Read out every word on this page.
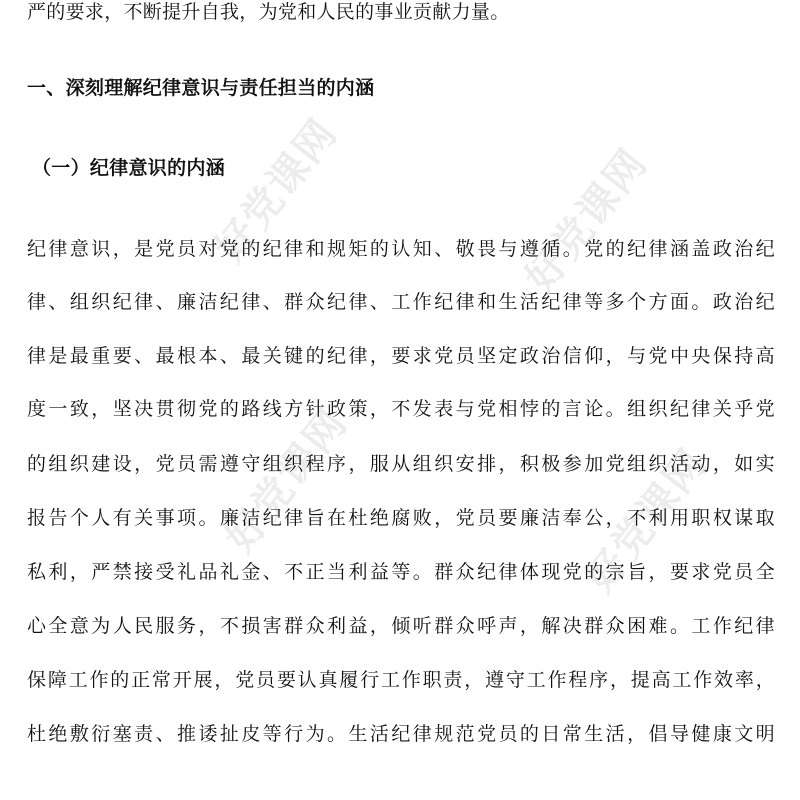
好党课网	好党课网
好党课网	好党课网
严的要求，不断提升自我，为党和人民的事业贡献力量。
一、深刻理解纪律意识与责任担当的内涵
（一）纪律意识的内涵
纪律意识，是党员对党的纪律和规矩的认知、敬畏与遵循。党的纪律涵盖政治纪
律、组织纪律、廉洁纪律、群众纪律、工作纪律和生活纪律等多个方面。政治纪
律是最重要、最根本、最关键的纪律，要求党员坚定政治信仰，与党中央保持高
度一致，坚决贯彻党的路线方针政策，不发表与党相悖的言论。组织纪律关乎党
的组织建设，党员需遵守组织程序，服从组织安排，积极参加党组织活动，如实
报告个人有关事项。廉洁纪律旨在杜绝腐败，党员要廉洁奉公，不利用职权谋取
私利，严禁接受礼品礼金、不正当利益等。群众纪律体现党的宗旨，要求党员全
心全意为人民服务，不损害群众利益，倾听群众呼声，解决群众困难。工作纪律
保障工作的正常开展，党员要认真履行工作职责，遵守工作程序，提高工作效率，
杜绝敷衍塞责、推诿扯皮等行为。生活纪律规范党员的日常生活，倡导健康文明
